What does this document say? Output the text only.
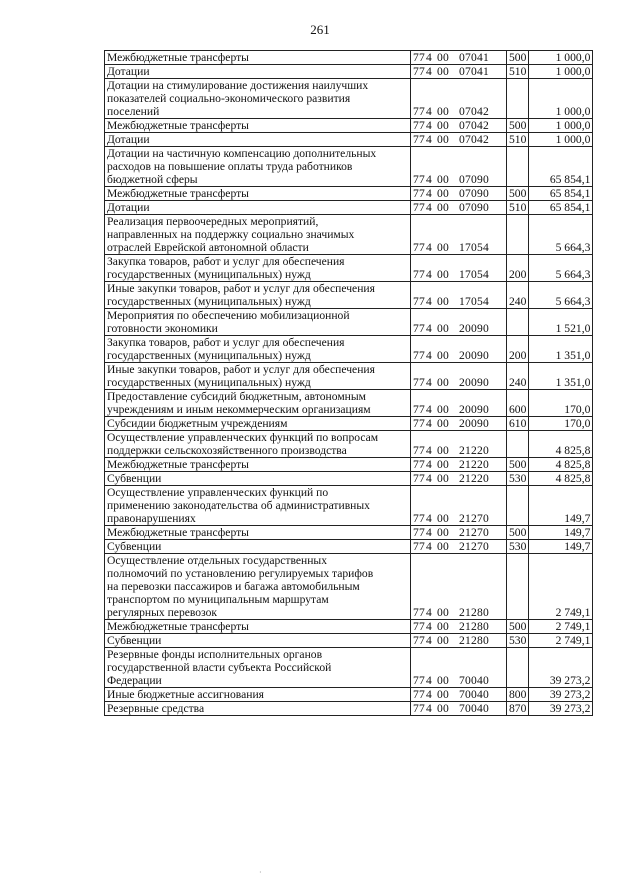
261
Межбюджетные трансферты	774 00 07041	500	1 000,0

Дотации	774 00 07041	510	1 000,0

Дотации на стимулирование достижения наилучших
показателей социально-экономического развития
поселений	774 00 07042		1 000,0

Межбюджетные трансферты	774 00 07042	500	1 000,0

Дотации	774 00 07042	510	1 000,0

Дотации на частичную компенсацию дополнительных
расходов на повышение оплаты труда работников
бюджетной сферы	774 00 07090		65 854,1

Межбюджетные трансферты	774 00 07090	500	65 854,1

Дотации	774 00 07090	510	65 854,1

Реализация первоочередных мероприятий,
направленных на поддержку социально значимых
отраслей Еврейской автономной области	774 00 17054		5 664,3

Закупка товаров, работ и услуг для обеспечения
государственных (муниципальных) нужд	774 00 17054	200	5 664,3

Иные закупки товаров, работ и услуг для обеспечения
государственных (муниципальных) нужд	774 00 17054	240	5 664,3

Мероприятия по обеспечению мобилизационной
готовности экономики	774 00 20090		1 521,0

Закупка товаров, работ и услуг для обеспечения
государственных (муниципальных) нужд	774 00 20090	200	1 351,0

Иные закупки товаров, работ и услуг для обеспечения
государственных (муниципальных) нужд	774 00 20090	240	1 351,0

Предоставление субсидий бюджетным, автономным
учреждениям и иным некоммерческим организациям	774 00 20090	600	170,0

Субсидии бюджетным учреждениям	774 00 20090	610	170,0

Осуществление управленческих функций по вопросам
поддержки сельскохозяйственного производства	774 00 21220		4 825,8

Межбюджетные трансферты	774 00 21220	500	4 825,8

Субвенции	774 00 21220	530	4 825,8

Осуществление управленческих функций по
применению законодательства об административных
правонарушениях	774 00 21270		149,7

Межбюджетные трансферты	774 00 21270	500	149,7

Субвенции	774 00 21270	530	149,7

Осуществление отдельных государственных
полномочий по установлению регулируемых тарифов
на перевозки пассажиров и багажа автомобильным
транспортом по муниципальным маршрутам
регулярных перевозок	774 00 21280		2 749,1

Межбюджетные трансферты	774 00 21280	500	2 749,1

Субвенции	774 00 21280	530	2 749,1

Резервные фонды исполнительных органов
государственной власти субъекта Российской
Федерации	774 00 70040		39 273,2

Иные бюджетные ассигнования	774 00 70040	800	39 273,2

Резервные средства	774 00 70040	870	39 273,2
·
